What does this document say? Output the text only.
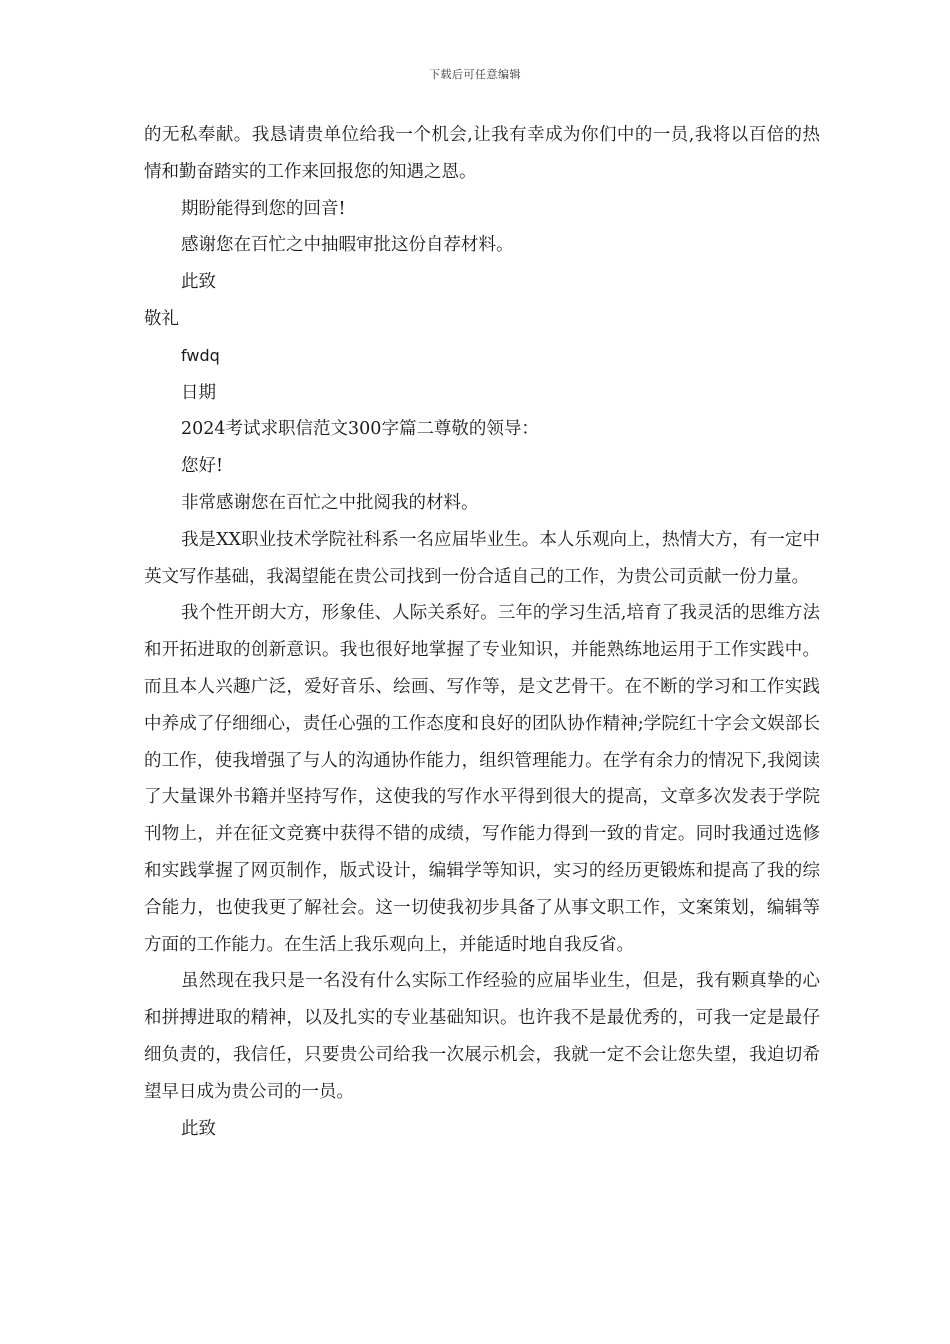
下载后可任意编辑

的无私奉献。我恳请贵单位给我一个机会,让我有幸成为你们中的一员,我将以百倍的热情和勤奋踏实的工作来回报您的知遇之恩。

期盼能得到您的回音!

感谢您在百忙之中抽暇审批这份自荐材料。

此致

敬礼

fwdq

日期

2024考试求职信范文300字篇二尊敬的领导：

您好!

非常感谢您在百忙之中批阅我的材料。

我是XX职业技术学院社科系一名应届毕业生。本人乐观向上，热情大方，有一定中英文写作基础，我渴望能在贵公司找到一份合适自己的工作，为贵公司贡献一份力量。

我个性开朗大方，形象佳、人际关系好。三年的学习生活,培育了我灵活的思维方法和开拓进取的创新意识。我也很好地掌握了专业知识，并能熟练地运用于工作实践中。而且本人兴趣广泛，爱好音乐、绘画、写作等，是文艺骨干。在不断的学习和工作实践中养成了仔细细心，责任心强的工作态度和良好的团队协作精神;学院红十字会文娱部长的工作，使我增强了与人的沟通协作能力，组织管理能力。在学有余力的情况下,我阅读了大量课外书籍并坚持写作，这使我的写作水平得到很大的提高，文章多次发表于学院刊物上，并在征文竞赛中获得不错的成绩，写作能力得到一致的肯定。同时我通过选修和实践掌握了网页制作，版式设计，编辑学等知识，实习的经历更锻炼和提高了我的综合能力，也使我更了解社会。这一切使我初步具备了从事文职工作，文案策划，编辑等方面的工作能力。在生活上我乐观向上，并能适时地自我反省。

虽然现在我只是一名没有什么实际工作经验的应届毕业生，但是，我有颗真挚的心和拼搏进取的精神，以及扎实的专业基础知识。也许我不是最优秀的，可我一定是最仔细负责的，我信任，只要贵公司给我一次展示机会，我就一定不会让您失望，我迫切希望早日成为贵公司的一员。

此致
